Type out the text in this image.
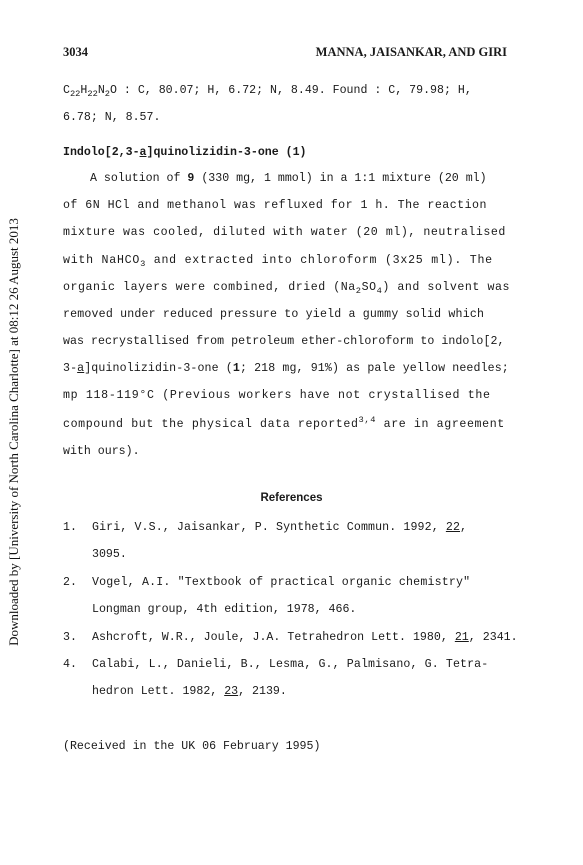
Downloaded by [University of North Carolina Charlotte] at 08:12 26 August 2013
3034	MANNA, JAISANKAR, AND GIRI
$C_{22}H_{22}N_2O$ : C, 80.07; H, 6.72; N, 8.49. Found : C, 79.98; H,
6.78; N, 8.57.
Indolo[2,3-a]quinolizidin-3-one (1)
A solution of 9 (330 mg, 1 mmol) in a 1:1 mixture (20 ml)
of 6N HCl and methanol was refluxed for 1 h. The reaction
mixture was cooled, diluted with water (20 ml), neutralised
with NaHCO$_3$ and extracted into chloroform (3x25 ml). The
organic layers were combined, dried $(Na_2SO_4)$ and solvent was
removed under reduced pressure to yield a gummy solid which
was recrystallised from petroleum ether-chloroform to indolo[2,
3-a]quinolizidin-3-one (1; 218 mg, 91%) as pale yellow needles;
mp 118-119°C (Previous workers have not crystallised the
compound but the physical data reported$^{3,4}$ are in agreement
with ours).
References
1. Giri, V.S., Jaisankar, P. Synthetic Commun. 1992, 22,
3095.
2. Vogel, A.I. "Textbook of practical organic chemistry"
Longman group, 4th edition, 1978, 466.
3. Ashcroft, W.R., Joule, J.A. Tetrahedron Lett. 1980, 21, 2341.
4. Calabi, L., Danieli, B., Lesma, G., Palmisano, G. Tetra-
hedron Lett. 1982, 23, 2139.
(Received in the UK 06 February 1995)
